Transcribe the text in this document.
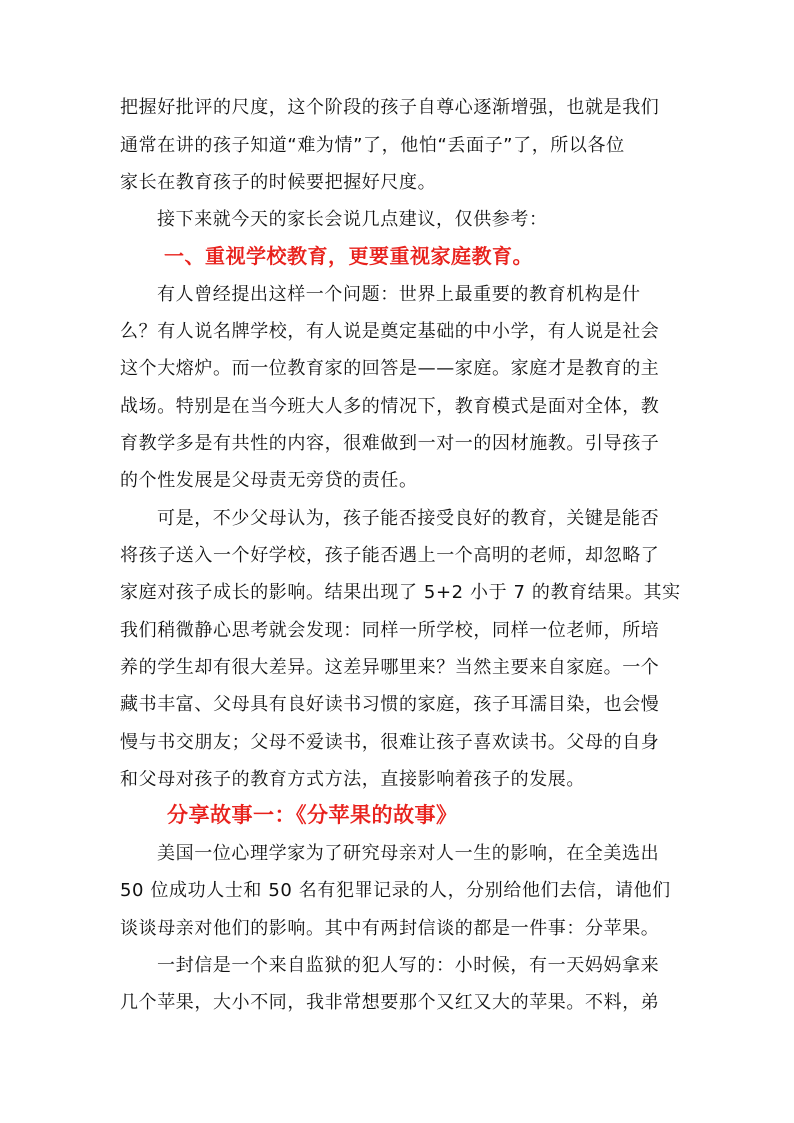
把握好批评的尺度，这个阶段的孩子自尊心逐渐增强，也就是我们
通常在讲的孩子知道“难为情”了，他怕“丢面子”了，所以各位
家长在教育孩子的时候要把握好尺度。
接下来就今天的家长会说几点建议，仅供参考：
一、重视学校教育，更要重视家庭教育。
有人曾经提出这样一个问题：世界上最重要的教育机构是什
么？有人说名牌学校，有人说是奠定基础的中小学，有人说是社会
这个大熔炉。而一位教育家的回答是——家庭。家庭才是教育的主
战场。特别是在当今班大人多的情况下，教育模式是面对全体，教
育教学多是有共性的内容，很难做到一对一的因材施教。引导孩子
的个性发展是父母责无旁贷的责任。
可是，不少父母认为，孩子能否接受良好的教育，关键是能否
将孩子送入一个好学校，孩子能否遇上一个高明的老师，却忽略了
家庭对孩子成长的影响。结果出现了 5+2 小于 7 的教育结果。其实
我们稍微静心思考就会发现：同样一所学校，同样一位老师，所培
养的学生却有很大差异。这差异哪里来？当然主要来自家庭。一个
藏书丰富、父母具有良好读书习惯的家庭，孩子耳濡目染，也会慢
慢与书交朋友；父母不爱读书，很难让孩子喜欢读书。父母的自身
和父母对孩子的教育方式方法，直接影响着孩子的发展。
分享故事一：《分苹果的故事》
美国一位心理学家为了研究母亲对人一生的影响，在全美选出
50 位成功人士和 50 名有犯罪记录的人，分别给他们去信，请他们
谈谈母亲对他们的影响。其中有两封信谈的都是一件事：分苹果。
一封信是一个来自监狱的犯人写的：小时候，有一天妈妈拿来
几个苹果，大小不同，我非常想要那个又红又大的苹果。不料，弟
